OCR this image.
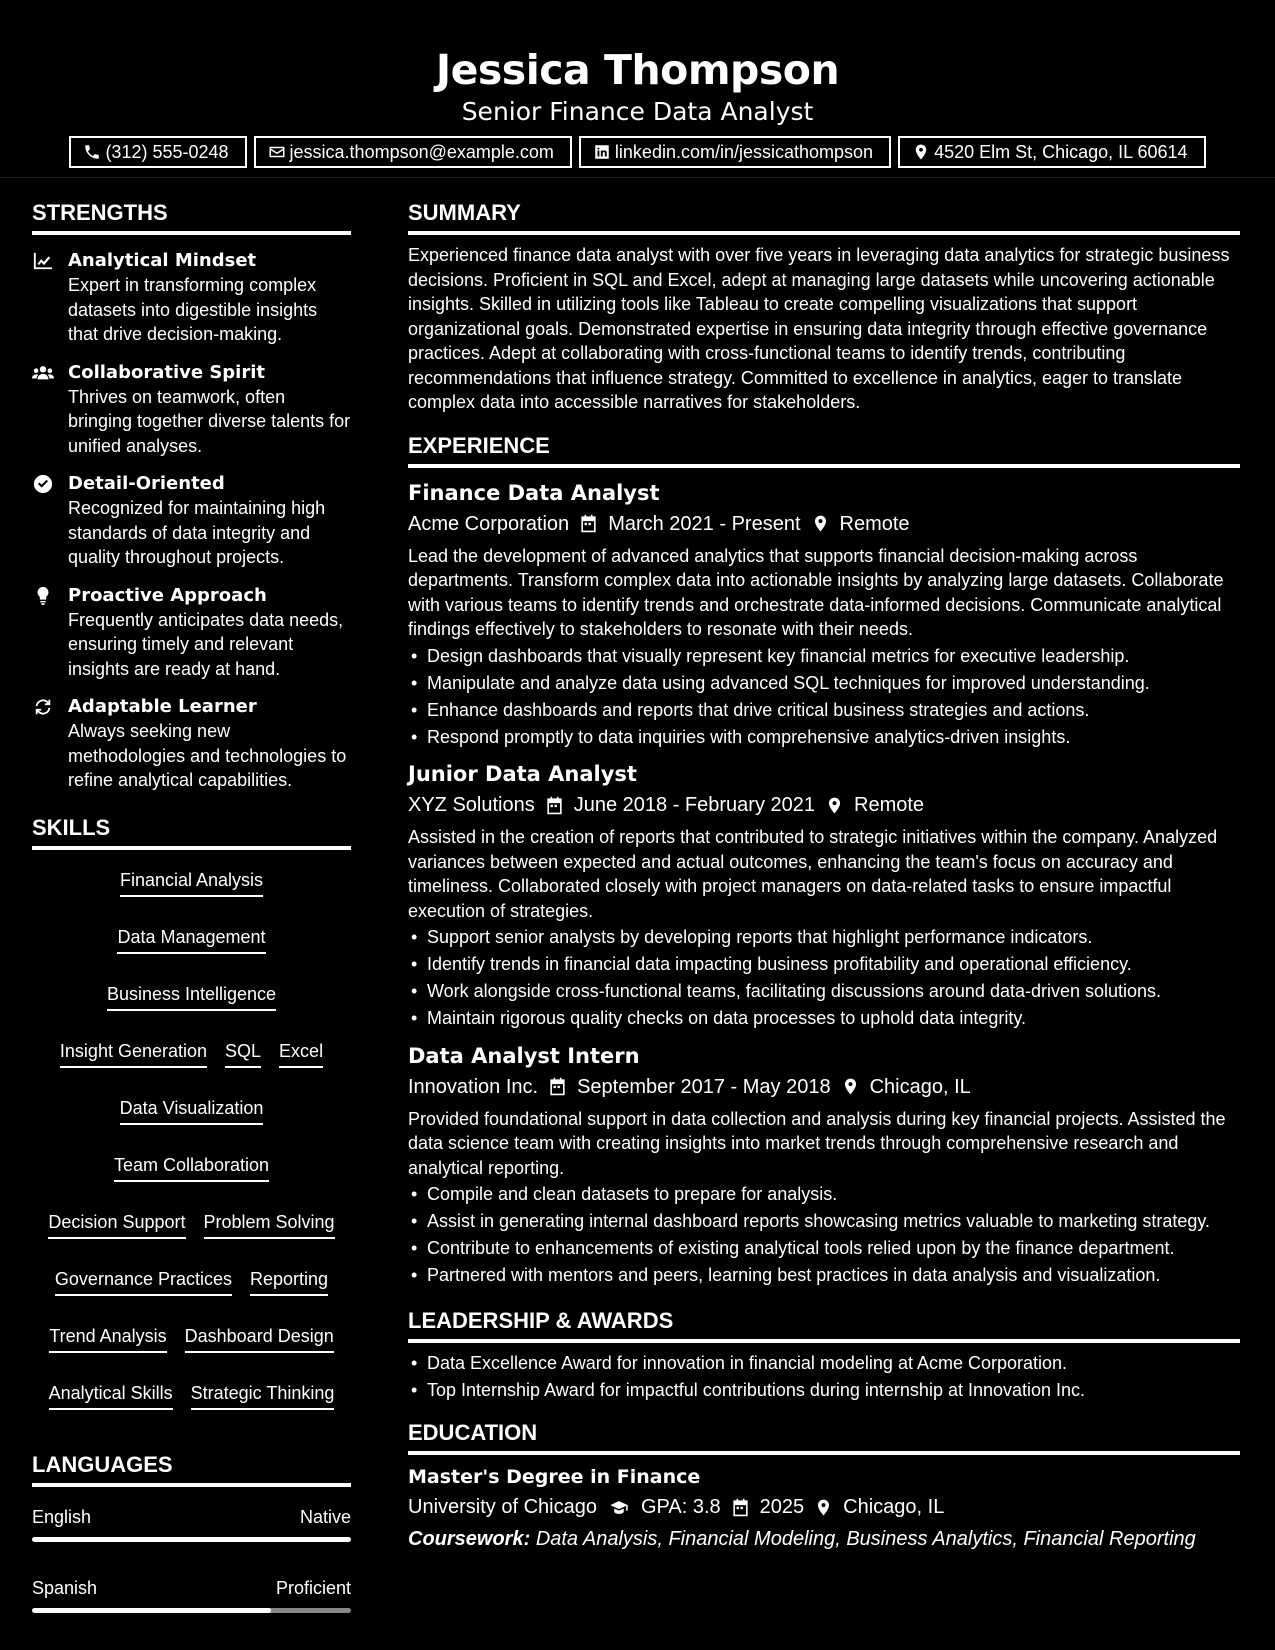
Jessica Thompson
Senior Finance Data Analyst
(312) 555-0248	jessica.thompson@example.com	linkedin.com/in/jessicathompson	4520 Elm St, Chicago, IL 60614
STRENGTHS
Analytical Mindset
Expert in transforming complex datasets into digestible insights that drive decision-making.
Collaborative Spirit
Thrives on teamwork, often bringing together diverse talents for unified analyses.
Detail-Oriented
Recognized for maintaining high standards of data integrity and quality throughout projects.
Proactive Approach
Frequently anticipates data needs, ensuring timely and relevant insights are ready at hand.
Adaptable Learner
Always seeking new methodologies and technologies to refine analytical capabilities.
SKILLS
Financial Analysis
Data Management
Business Intelligence
Insight Generation SQL Excel
Data Visualization
Team Collaboration
Decision Support Problem Solving
Governance Practices Reporting
Trend Analysis Dashboard Design
Analytical Skills Strategic Thinking
LANGUAGES
English	Native
Spanish	Proficient
SUMMARY
Experienced finance data analyst with over five years in leveraging data analytics for strategic business decisions. Proficient in SQL and Excel, adept at managing large datasets while uncovering actionable insights. Skilled in utilizing tools like Tableau to create compelling visualizations that support organizational goals. Demonstrated expertise in ensuring data integrity through effective governance practices. Adept at collaborating with cross-functional teams to identify trends, contributing recommendations that influence strategy. Committed to excellence in analytics, eager to translate complex data into accessible narratives for stakeholders.
EXPERIENCE
Finance Data Analyst
Acme Corporation March 2021 - Present Remote
Lead the development of advanced analytics that supports financial decision-making across departments. Transform complex data into actionable insights by analyzing large datasets. Collaborate with various teams to identify trends and orchestrate data-informed decisions. Communicate analytical findings effectively to stakeholders to resonate with their needs.
• Design dashboards that visually represent key financial metrics for executive leadership.
• Manipulate and analyze data using advanced SQL techniques for improved understanding.
• Enhance dashboards and reports that drive critical business strategies and actions.
• Respond promptly to data inquiries with comprehensive analytics-driven insights.
Junior Data Analyst
XYZ Solutions June 2018 - February 2021 Remote
Assisted in the creation of reports that contributed to strategic initiatives within the company. Analyzed variances between expected and actual outcomes, enhancing the team's focus on accuracy and timeliness. Collaborated closely with project managers on data-related tasks to ensure impactful execution of strategies.
• Support senior analysts by developing reports that highlight performance indicators.
• Identify trends in financial data impacting business profitability and operational efficiency.
• Work alongside cross-functional teams, facilitating discussions around data-driven solutions.
• Maintain rigorous quality checks on data processes to uphold data integrity.
Data Analyst Intern
Innovation Inc. September 2017 - May 2018 Chicago, IL
Provided foundational support in data collection and analysis during key financial projects. Assisted the data science team with creating insights into market trends through comprehensive research and analytical reporting.
• Compile and clean datasets to prepare for analysis.
• Assist in generating internal dashboard reports showcasing metrics valuable to marketing strategy.
• Contribute to enhancements of existing analytical tools relied upon by the finance department.
• Partnered with mentors and peers, learning best practices in data analysis and visualization.
LEADERSHIP & AWARDS
• Data Excellence Award for innovation in financial modeling at Acme Corporation.
• Top Internship Award for impactful contributions during internship at Innovation Inc.
EDUCATION
Master's Degree in Finance
University of Chicago GPA: 3.8 2025 Chicago, IL
Coursework: Data Analysis, Financial Modeling, Business Analytics, Financial Reporting
